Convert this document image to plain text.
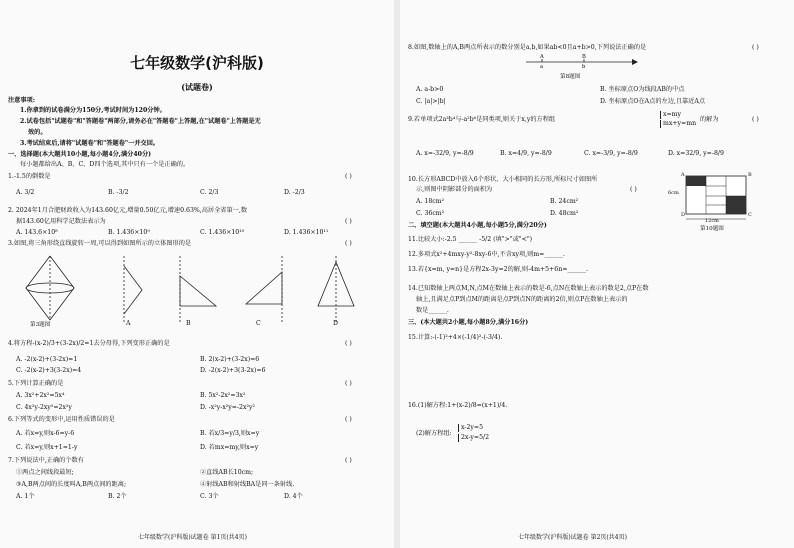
七年级数学(沪科版)
(试题卷)
注意事项:
1.你拿到的试卷满分为150分,考试时间为120分钟。
2.试卷包括"试题卷"和"答题卷"两部分,请务必在"答题卷"上答题,在"试题卷"上答题是无
效的。
3.考试结束后,请将"试题卷"和"答题卷"一并交回。
一、选择题(本大题共10小题,每小题4分,满分40分)
每小题都给出A、B、C、D四个选项,其中只有一个是正确的。
1.-1.5的倒数是	( )
A. 3/2	B. -3/2	C. 2/3	D. -2/3
2. 2024年1月合肥财政收入为143.60亿元,增量0.50亿元,增速0.63%,高居全省第一,数
据143.60亿用科学记数法表示为	( )
A. 143.6×10⁸	B. 1.436×10⁹	C. 1.436×10¹⁰	D. 1.436×10¹¹
3.如图,将三角形绕直线旋转一周,可以得到如图所示的立体图形的是	( )
第3题图	A	B	C	D
4.将方程-(x-2)/3+(3-2x)/2=1去分母得,下列变形正确的是	( )
A. -2(x-2)+(3-2x)=1	B. 2(x-2)+(3-2x)=6
C. -2(x-2)+3(3-2x)=4	D. -2(x-2)+3(3-2x)=6
5.下列计算正确的是	( )
A. 3x²+2x²=5x⁴	B. 5x²-2x²=3x²
C. 4x²y-2xy²=2x²y	D. -x²y-x²y=-2x²y²
6.下列等式的变形中,运用性质错误的是	( )
A. 若x=y,则x-6=y-6	B. 若x/3=y/3,则x=y
C. 若x=y,则x+1=1-y	D. 若mx=my,则x=y
7.下列说法中,正确的个数有	( )
①两点之间线段最短;	②直线AB长10cm;
③A,B两点间的长度叫A,B两点间的距离;	④射线AB和射线BA是同一条射线.
A. 1个	B. 2个	C. 3个	D. 4个
七年级数学(沪科版)试题卷 第1页(共4页)
8.如图,数轴上的A,B两点所表示的数分别是a,b,如果ab<0且a+b>0,下列说法正确的是	( )
A	B
a	b
第8题图
A. a-b>0	B. 坐标原点O为线段AB的中点
C. |a|>|b|	D. 坐标原点O在A点的左边,且靠近A点
9.若单项式2a³b⁴与-a²b⁶是同类项,则关于x,y的方程组
x=my
mx+y=mn
的解为	( )
A. x=-32/9, y=-8/9	B. x=4/9, y=-8/9	C. x=-3/9, y=-8/9	D. x=32/9, y=-8/9
10.长方形ABCD中放入6个形状、大小相同的长方形,所标尺寸如图所
示,则图中阴影部分的面积为	( )
A. 18cm²	B. 24cm²
C. 36cm²	D. 48cm²
6cm
12cm
A	B
C
D
第10题图
二、填空题(本大题共4小题,每小题5分,满分20分)
11.比较大小:-2.5 ______ -5/2 (填">"或"<")
12.多项式x²+4mxy-y²-8xy-6中,不含xy项,则m=______.
13.若{x=m, y=n}是方程2x-3y=2的解,则-4m+5+6n=______.
14.已知数轴上两点M,N,点M在数轴上表示的数是-6,点N在数轴上表示的数是2,点P在数
轴上,且满足点P到点M的距离是点P到点N的距离的2倍,则点P在数轴上表示的
数是______.
三、(本大题共2小题,每小题8分,满分16分)
15.计算:-(-1)²+4×(-1/4)²-(-3/4).
16.(1)解方程:1+(x-2)/8=(x+1)/4.
(2)解方程组:
x-2y=5
2x-y=5/2
七年级数学(沪科版)试题卷 第2页(共4页)
